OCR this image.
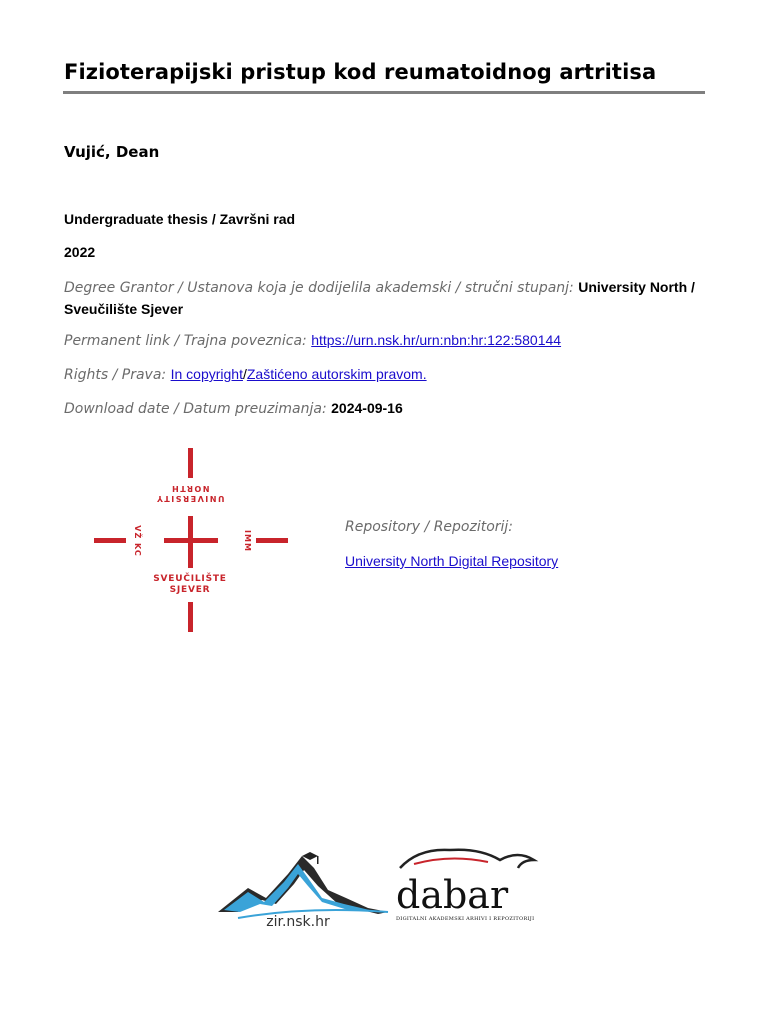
Fizioterapijski pristup kod reumatoidnog artritisa
Vujić, Dean
Undergraduate thesis / Završni rad
2022
Degree Grantor / Ustanova koja je dodijelila akademski / stručni stupanj: University North / Sveučilište Sjever
Permanent link / Trajna poveznica: https://urn.nsk.hr/urn:nbn:hr:122:580144
Rights / Prava: In copyright/Zaštićeno autorskim pravom.
Download date / Datum preuzimanja: 2024-09-16
UNIVERSITY
NORTH
VŽ KC	IMM
SVEUČILIŠTE
SJEVER
Repository / Repozitorij:
University North Digital Repository
zir.nsk.hr
dabar
DIGITALNI AKADEMSKI ARHIVI I REPOZITORIJI
